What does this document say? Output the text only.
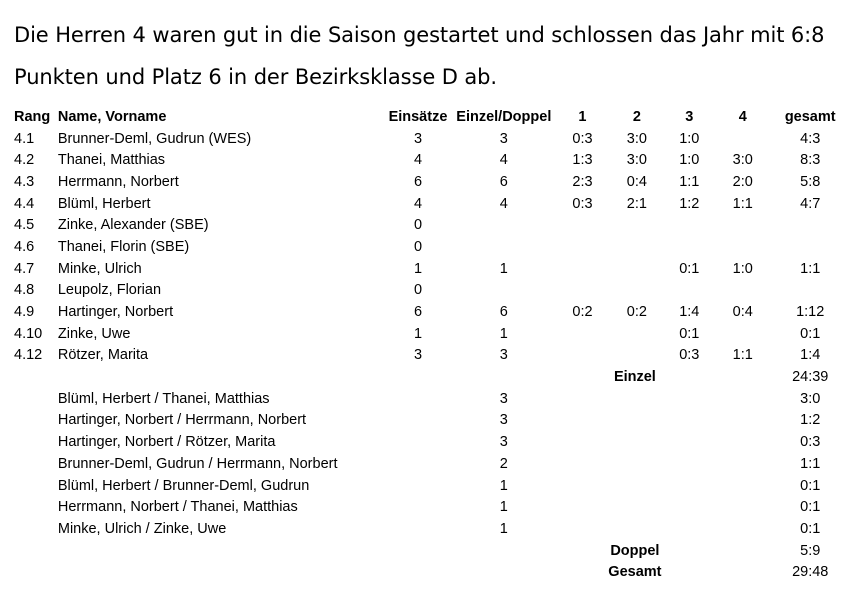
Die Herren 4 waren gut in die Saison gestartet und schlossen das Jahr mit 6:8
Punkten und Platz 6 in der Bezirksklasse D ab.
Rang	Name, Vorname	Einsätze	Einzel/Doppel	1	2	3	4	gesamt
4.1	Brunner-Deml, Gudrun (WES)	3	3	0:3	3:0	1:0		4:3
4.2	Thanei, Matthias	4	4	1:3	3:0	1:0	3:0	8:3
4.3	Herrmann, Norbert	6	6	2:3	0:4	1:1	2:0	5:8
4.4	Blüml, Herbert	4	4	0:3	2:1	1:2	1:1	4:7
4.5	Zinke, Alexander (SBE)	0						
4.6	Thanei, Florin (SBE)	0						
4.7	Minke, Ulrich	1	1			0:1	1:0	1:1
4.8	Leupolz, Florian	0						
4.9	Hartinger, Norbert	6	6	0:2	0:2	1:4	0:4	1:12
4.10	Zinke, Uwe	1	1			0:1		0:1
4.12	Rötzer, Marita	3	3			0:3	1:1	1:4
				Einzel				24:39
	Blüml, Herbert / Thanei, Matthias		3					3:0
	Hartinger, Norbert / Herrmann, Norbert		3					1:2
	Hartinger, Norbert / Rötzer, Marita		3					0:3
	Brunner-Deml, Gudrun / Herrmann, Norbert		2					1:1
	Blüml, Herbert / Brunner-Deml, Gudrun		1					0:1
	Herrmann, Norbert / Thanei, Matthias		1					0:1
	Minke, Ulrich / Zinke, Uwe		1					0:1
				Doppel				5:9
				Gesamt				29:48
